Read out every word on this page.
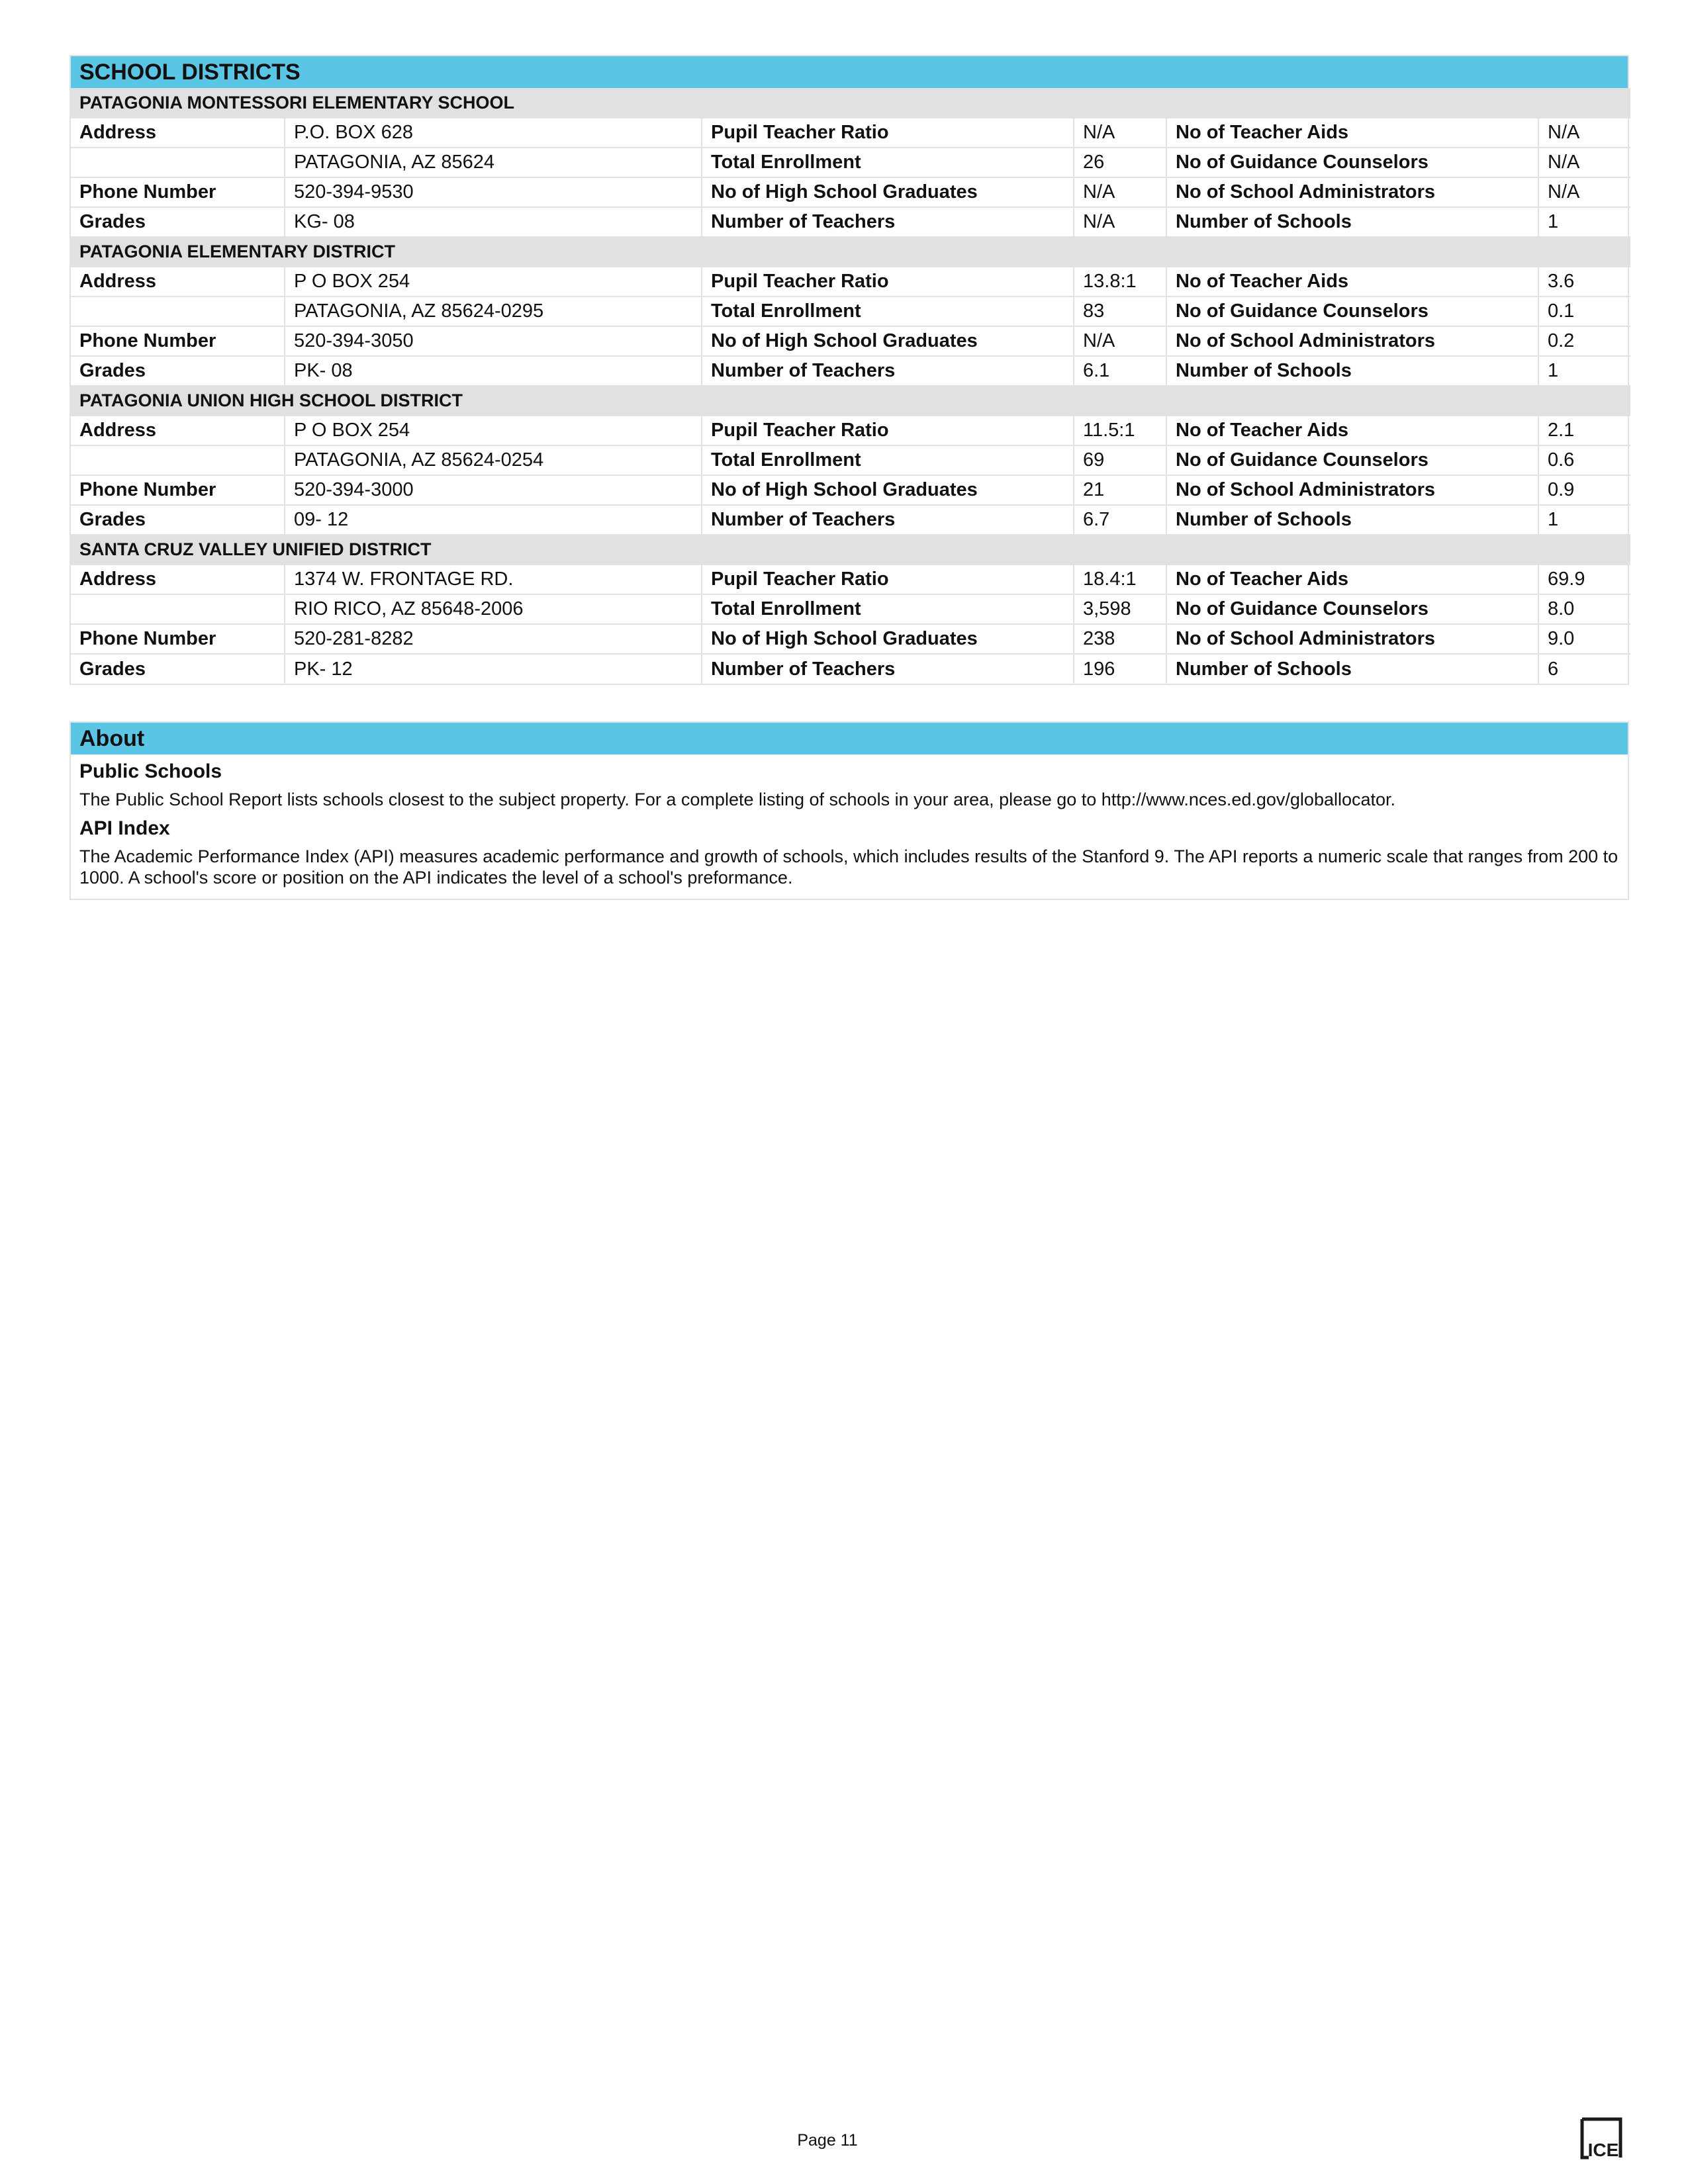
SCHOOL DISTRICTS
PATAGONIA MONTESSORI ELEMENTARY SCHOOL					
Address	P.O. BOX 628	Pupil Teacher Ratio	N/A	No of Teacher Aids	N/A
	PATAGONIA, AZ 85624	Total Enrollment	26	No of Guidance Counselors	N/A
Phone Number	520-394-9530	No of High School Graduates	N/A	No of School Administrators	N/A
Grades	KG- 08	Number of Teachers	N/A	Number of Schools	1
PATAGONIA ELEMENTARY DISTRICT					
Address	P O BOX 254	Pupil Teacher Ratio	13.8:1	No of Teacher Aids	3.6
	PATAGONIA, AZ 85624-0295	Total Enrollment	83	No of Guidance Counselors	0.1
Phone Number	520-394-3050	No of High School Graduates	N/A	No of School Administrators	0.2
Grades	PK- 08	Number of Teachers	6.1	Number of Schools	1
PATAGONIA UNION HIGH SCHOOL DISTRICT					
Address	P O BOX 254	Pupil Teacher Ratio	11.5:1	No of Teacher Aids	2.1
	PATAGONIA, AZ 85624-0254	Total Enrollment	69	No of Guidance Counselors	0.6
Phone Number	520-394-3000	No of High School Graduates	21	No of School Administrators	0.9
Grades	09- 12	Number of Teachers	6.7	Number of Schools	1
SANTA CRUZ VALLEY UNIFIED DISTRICT					
Address	1374 W. FRONTAGE RD.	Pupil Teacher Ratio	18.4:1	No of Teacher Aids	69.9
	RIO RICO, AZ 85648-2006	Total Enrollment	3,598	No of Guidance Counselors	8.0
Phone Number	520-281-8282	No of High School Graduates	238	No of School Administrators	9.0
Grades	PK- 12	Number of Teachers	196	Number of Schools	6
About

Public Schools

The Public School Report lists schools closest to the subject property. For a complete listing of schools in your area, please go to http://www.nces.ed.gov/globallocator.

API Index

The Academic Performance Index (API) measures academic performance and growth of schools, which includes results of the Stanford 9. The API reports a numeric scale that ranges from 200 to 1000. A school's score or position on the API indicates the level of a school's preformance.

Page 11	ICE
